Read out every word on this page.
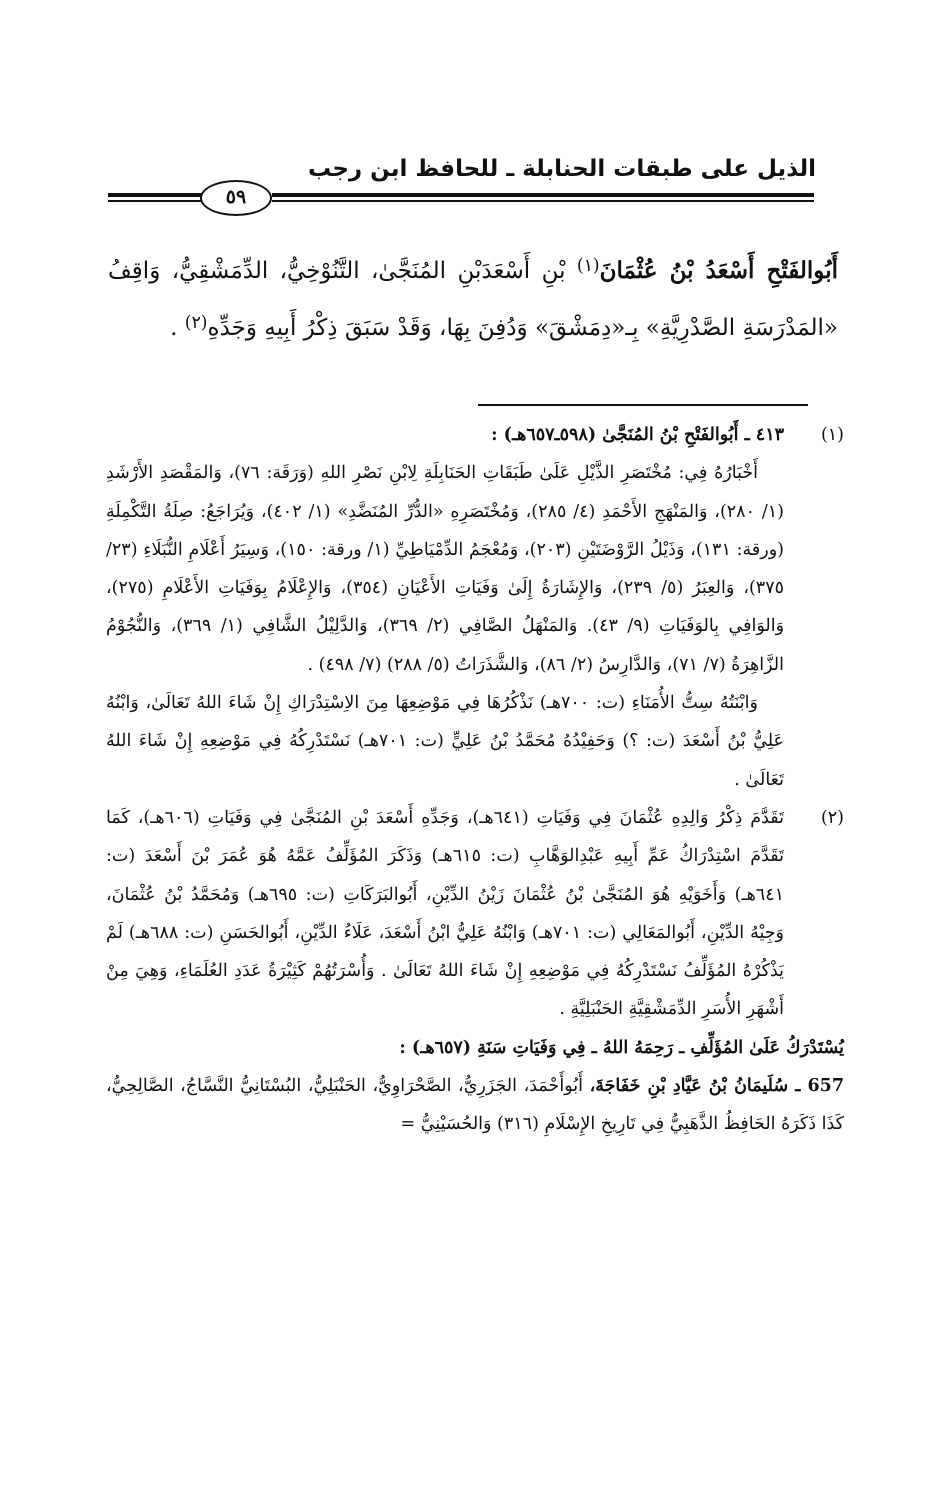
الذيل على طبقات الحنابلة ـ للحافظ ابن رجب
٥٩
أَبُوالفَتْحِ أَسْعَدُ بْنُ عُثْمَانَ$^{(١)}$ بْنِ أَسْعَدَبْنِ المُنَجَّىٰ، التَّنُوْخِيُّ، الدِّمَشْقِيُّ، وَاقِفُ «المَدْرَسَةِ الصَّدْرِيَّةِ» بِـ«دِمَشْقَ» وَدُفِنَ بِهَا، وَقَدْ سَبَقَ ذِكْرُ أَبِيهِ وَجَدِّهِ$^{(٢)}$ .
(١)

٤١٣ ـ أَبُوالفَتْحِ بْنُ المُنَجَّىٰ (٥٩٨ـ٦٥٧هـ) :

أَخْبَارُهُ فِي: مُخْتَصَرِ الذَّيْلِ عَلَىٰ طَبَقَاتِ الحَنَابِلَةِ لِابْنِ نَصْرِ اللهِ (وَرَقَة: ٧٦)، وَالمَقْصَدِ الأَرْشَدِ (١/ ٢٨٠)، وَالمَنْهَجِ الأَحْمَدِ (٤/ ٢٨٥)، وَمُخْتَصَرِهِ «الدُّرِّ المُنَضَّدِ» (١/ ٤٠٢)، وَيُرَاجَعُ: صِلَةُ التَّكْمِلَةِ (ورقة: ١٣١)، وَذَيْلُ الرَّوْضَتَيْنِ (٢٠٣)، وَمُعْجَمُ الدِّمْيَاطِيِّ (١/ ورقة: ١٥٠)، وَسِيَرُ أَعْلَامِ النُّبَلَاءِ (٢٣/ ٣٧٥)، وَالعِبَرُ (٥/ ٢٣٩)، وَالإِشَارَةُ إِلَىٰ وَفَيَاتِ الأَعْيَانِ (٣٥٤)، وَالإِعْلَامُ بِوَفَيَاتِ الأَعْلَامِ (٢٧٥)، وَالوَافِي بِالوَفَيَاتِ (٩/ ٤٣). وَالمَنْهَلُ الصَّافِي (٢/ ٣٦٩)، وَالدَّلِيْلُ الشَّافِي (١/ ٣٦٩)، وَالنُّجُوْمُ الزَّاهِرَةُ (٧/ ٧١)، وَالدَّارِسُ (٢/ ٨٦)، وَالشَّذَرَاتُ (٥/ ٢٨٨) (٧/ ٤٩٨) .

وَابْنَتُهُ سِتُّ الأُمَنَاءِ (ت: ٧٠٠هـ) نَذْكُرُهَا فِي مَوْضِعِهَا مِنَ الاِسْتِدْرَاكِ إِنْ شَاءَ اللهُ تَعَالَىٰ، وَابْنُهُ عَلِيُّ بْنُ أَسْعَدَ (ت: ؟) وَحَفِيْدُهُ مُحَمَّدُ بْنُ عَلِيٍّ (ت: ٧٠١هـ) نَسْتَدْرِكُهُ فِي مَوْضِعِهِ إِنْ شَاءَ اللهُ تَعَالَىٰ .

(٢)

تَقَدَّمَ ذِكْرُ وَالِدِهِ عُثْمَانَ فِي وَفَيَاتِ (٦٤١هـ)، وَجَدِّهِ أَسْعَدَ بْنِ المُنَجَّىٰ فِي وَفَيَاتِ (٦٠٦هـ)، كَمَا تَقَدَّمَ اسْتِدْرَاكُ عَمِّ أَبِيهِ عَبْدِالوَهَّابِ (ت: ٦١٥هـ) وَذَكَرَ المُؤَلِّفُ عَمَّهُ هُوَ عُمَرَ بْنَ أَسْعَدَ (ت: ٦٤١هـ) وَأَخَوَيْهِ هُوَ المُنَجَّىٰ بْنُ عُثْمَانَ زَيْنُ الدِّيْنِ، أَبُوالبَرَكَاتِ (ت: ٦٩٥هـ) وَمُحَمَّدُ بْنُ عُثْمَانَ، وَجِيْهُ الدِّيْنِ، أَبُوالمَعَالِي (ت: ٧٠١هـ) وَابْنُهُ عَلِيُّ ابْنُ أَسْعَدَ، عَلَاءُ الدِّيْنِ، أَبُوالحَسَنِ (ت: ٦٨٨هـ) لَمْ يَذْكُرْهُ المُؤَلِّفُ نَسْتَدْرِكُهُ فِي مَوْضِعِهِ إِنْ شَاءَ اللهُ تَعَالَىٰ . وَأُسْرَتُهُمْ كَثِيْرَةُ عَدَدِ العُلَمَاءِ، وَهِيَ مِنْ أَشْهَرِ الأُسَرِ الدِّمَشْقِيَّةِ الحَنْبَلِيَّةِ .

يُسْتَدْرَكُ عَلَىٰ المُؤَلِّفِ ـ رَحِمَهُ اللهُ ـ فِي وَفَيَاتِ سَنَةِ (٦٥٧هـ) :

657 ـ سُلَيمَانُ بْنُ عَيَّادِ بْنِ خَفَاجَةَ، أَبُوأَحْمَدَ، الجَزَرِيُّ، الصَّحْرَاوِيُّ، الحَنْبَلِيُّ، البُسْتَانِيُّ النَّسَّاجُ، الصَّالِحِيُّ، كَذَا ذَكَرَهُ الحَافِظُ الذَّهَبِيُّ فِي تَارِيخِ الإِسْلَامِ (٣١٦) وَالحُسَيْنِيُّ =
